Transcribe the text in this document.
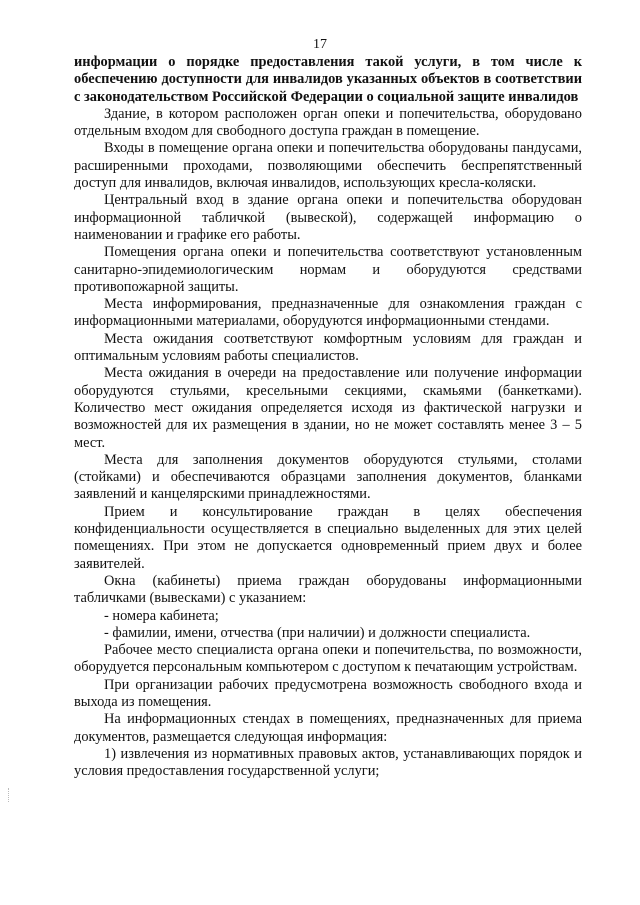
17

информации о порядке предоставления такой услуги, в том числе к обеспечению доступности для инвалидов указанных объектов в соответствии с законодательством Российской Федерации о социальной защите инвалидов

Здание, в котором расположен орган опеки и попечительства, оборудовано отдельным входом для свободного доступа граждан в помещение.

Входы в помещение органа опеки и попечительства оборудованы пандусами, расширенными проходами, позволяющими обеспечить беспрепятственный доступ для инвалидов, включая инвалидов, использующих кресла-коляски.

Центральный вход в здание органа опеки и попечительства оборудован информационной табличкой (вывеской), содержащей информацию о наименовании и графике его работы.

Помещения органа опеки и попечительства соответствуют установленным санитарно-эпидемиологическим нормам и оборудуются средствами противопожарной защиты.

Места информирования, предназначенные для ознакомления граждан с информационными материалами, оборудуются информационными стендами.

Места ожидания соответствуют комфортным условиям для граждан и оптимальным условиям работы специалистов.

Места ожидания в очереди на предоставление или получение информации оборудуются стульями, кресельными секциями, скамьями (банкетками). Количество мест ожидания определяется исходя из фактической нагрузки и возможностей для их размещения в здании, но не может составлять менее 3 – 5 мест.

Места для заполнения документов оборудуются стульями, столами (стойками) и обеспечиваются образцами заполнения документов, бланками заявлений и канцелярскими принадлежностями.

Прием и консультирование граждан в целях обеспечения конфиденциальности осуществляется в специально выделенных для этих целей помещениях. При этом не допускается одновременный прием двух и более заявителей.

Окна (кабинеты) приема граждан оборудованы информационными табличками (вывесками) с указанием:

- номера кабинета;

- фамилии, имени, отчества (при наличии) и должности специалиста.

Рабочее место специалиста органа опеки и попечительства, по возможности, оборудуется персональным компьютером с доступом к печатающим устройствам.

При организации рабочих предусмотрена возможность свободного входа и выхода из помещения.

На информационных стендах в помещениях, предназначенных для приема документов, размещается следующая информация:

1) извлечения из нормативных правовых актов, устанавливающих порядок и условия предоставления государственной услуги;
